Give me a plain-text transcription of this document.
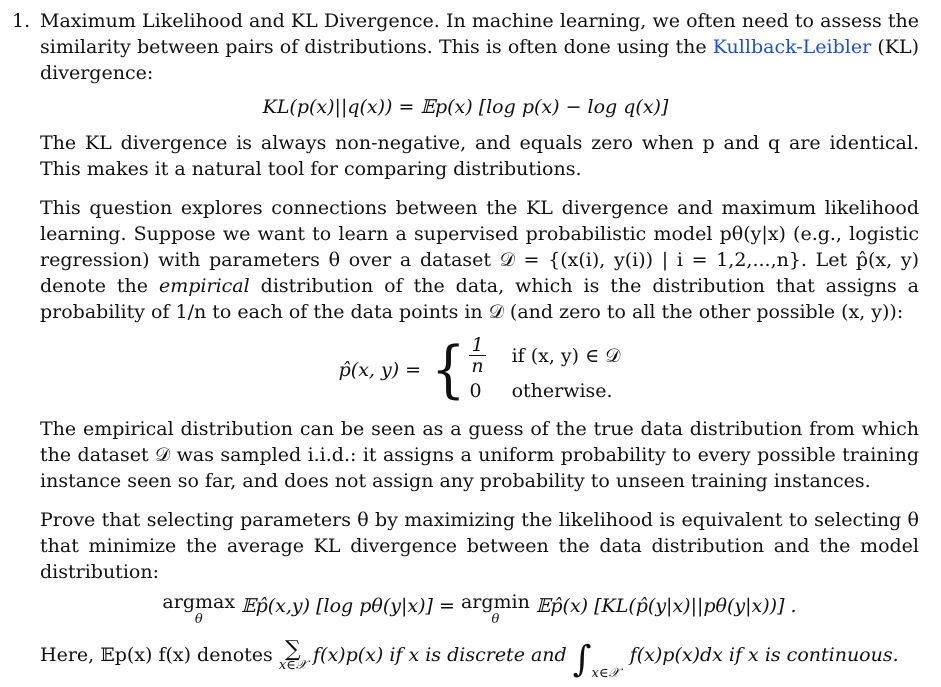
1. Maximum Likelihood and KL Divergence. In machine learning, we often need to assess the similarity between pairs of distributions. This is often done using the Kullback-Leibler (KL) divergence:

KL(p(x)||q(x)) = 𝔼p(x) [log p(x) − log q(x)]

The KL divergence is always non-negative, and equals zero when p and q are identical. This makes it a natural tool for comparing distributions.

This question explores connections between the KL divergence and maximum likelihood learning. Suppose we want to learn a supervised probabilistic model pθ(y|x) (e.g., logistic regression) with parameters θ over a dataset 𝒟 = {(x(i), y(i)) | i = 1,2,...,n}. Let p̂(x, y) denote the empirical distribution of the data, which is the distribution that assigns a probability of 1/n to each of the data points in 𝒟 (and zero to all the other possible (x, y)):

p̂(x, y) = { $\frac{1}{n}$ if (x, y) ∈ 𝒟
0 otherwise.

The empirical distribution can be seen as a guess of the true data distribution from which the dataset 𝒟 was sampled i.i.d.: it assigns a uniform probability to every possible training instance seen so far, and does not assign any probability to unseen training instances.

Prove that selecting parameters θ by maximizing the likelihood is equivalent to selecting θ that minimize the average KL divergence between the data distribution and the model distribution:

argmax
θ
𝔼p̂(x,y) [log pθ(y|x)] = argmin
θ
𝔼p̂(x) [KL(p̂(y|x)||pθ(y|x))] .

Here, 𝔼p(x) f(x) denotes ∑
x∈𝒳 f(x)p(x) if x is discrete and $\int_{x\in 𝒳}$ f(x)p(x)dx if x is continuous.
